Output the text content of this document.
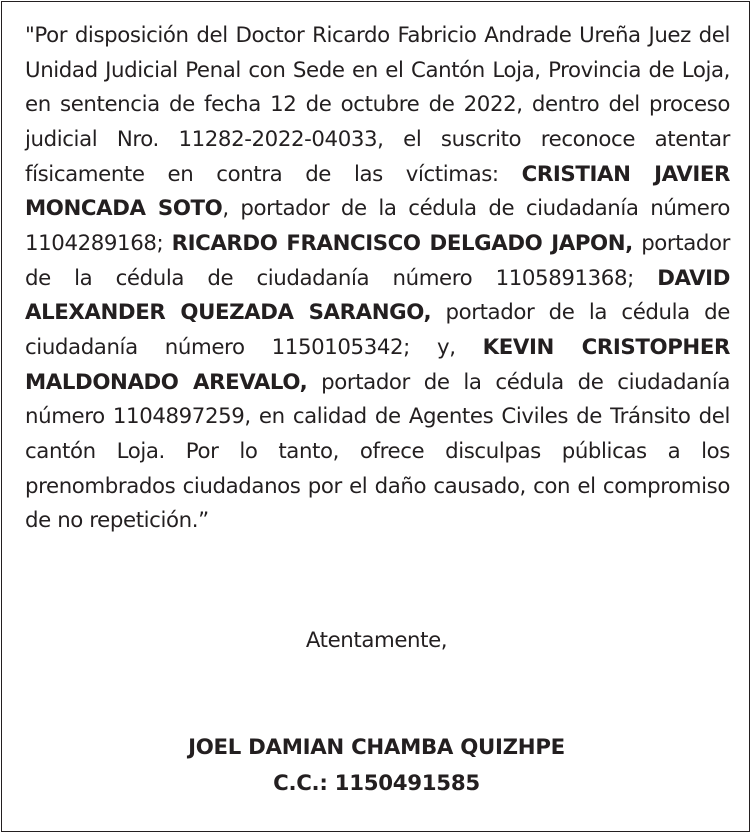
"Por disposición del Doctor Ricardo Fabricio Andrade Ureña Juez del Unidad Judicial Penal con Sede en el Cantón Loja, Provincia de Loja, en sentencia de fecha 12 de octubre de 2022, dentro del proceso judicial Nro. 11282-2022-04033, el suscrito reconoce atentar físicamente en contra de las víctimas: CRISTIAN JAVIER MONCADA SOTO, portador de la cédula de ciudadanía número 1104289168; RICARDO FRANCISCO DELGADO JAPON, portador de la cédula de ciudadanía número 1105891368; DAVID ALEXANDER QUEZADA SARANGO, portador de la cédula de ciudadanía número 1150105342; y, KEVIN CRISTOPHER MALDONADO AREVALO, portador de la cédula de ciudadanía número 1104897259, en calidad de Agentes Civiles de Tránsito del cantón Loja. Por lo tanto, ofrece disculpas públicas a los prenombrados ciudadanos por el daño causado, con el compromiso de no repetición.”

Atentamente,

JOEL DAMIAN CHAMBA QUIZHPE

C.C.: 1150491585
